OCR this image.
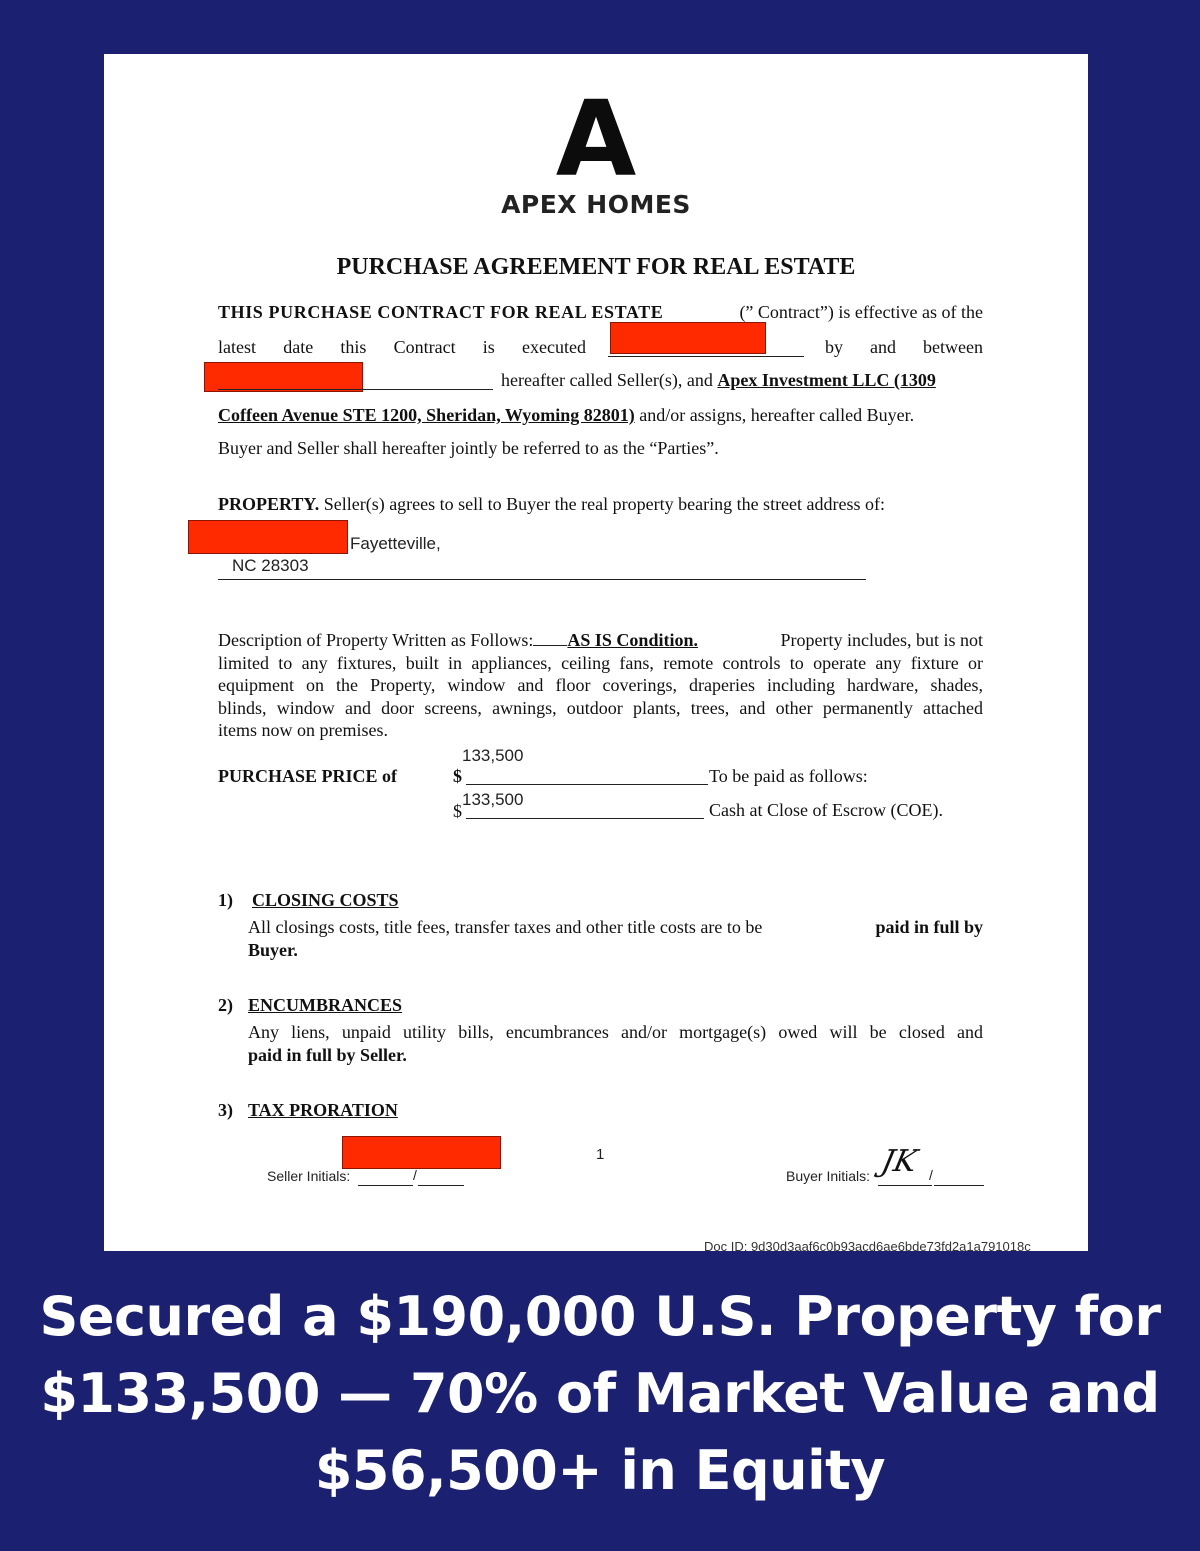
A
APEX HOMES
PURCHASE AGREEMENT FOR REAL ESTATE
THIS PURCHASE CONTRACT FOR REAL ESTATE	(” Contract”) is effective as of the
latest date this Contract is executed	by and between
hereafter called Seller(s), and Apex Investment LLC (1309
Coffeen Avenue STE 1200, Sheridan, Wyoming 82801) and/or assigns, hereafter called Buyer.
Buyer and Seller shall hereafter jointly be referred to as the “Parties”.
PROPERTY. Seller(s) agrees to sell to Buyer the real property bearing the street address of:
Fayetteville,
NC 28303
Description of Property Written as Follows: AS IS Condition.	Property includes, but is not
limited to any fixtures, built in appliances, ceiling fans, remote controls to operate any fixture or
equipment on the Property, window and floor coverings, draperies including hardware, shades,
blinds, window and door screens, awnings, outdoor plants, trees, and other permanently attached
items now on premises.
PURCHASE PRICE of	$
133,500
To be paid as follows:
$
133,500
Cash at Close of Escrow (COE).
1) CLOSING COSTS
All closings costs, title fees, transfer taxes and other title costs are to be	paid in full by
Buyer.
2) ENCUMBRANCES
Any liens, unpaid utility bills, encumbrances and/or mortgage(s) owed will be closed and
paid in full by Seller.
3) TAX PRORATION
Seller Initials:	/
1
Buyer Initials: JK /
Doc ID: 9d30d3aaf6c0b93acd6ae6bde73fd2a1a791018c
Secured a $190,000 U.S. Property for
$133,500 — 70% of Market Value and
$56,500+ in Equity
